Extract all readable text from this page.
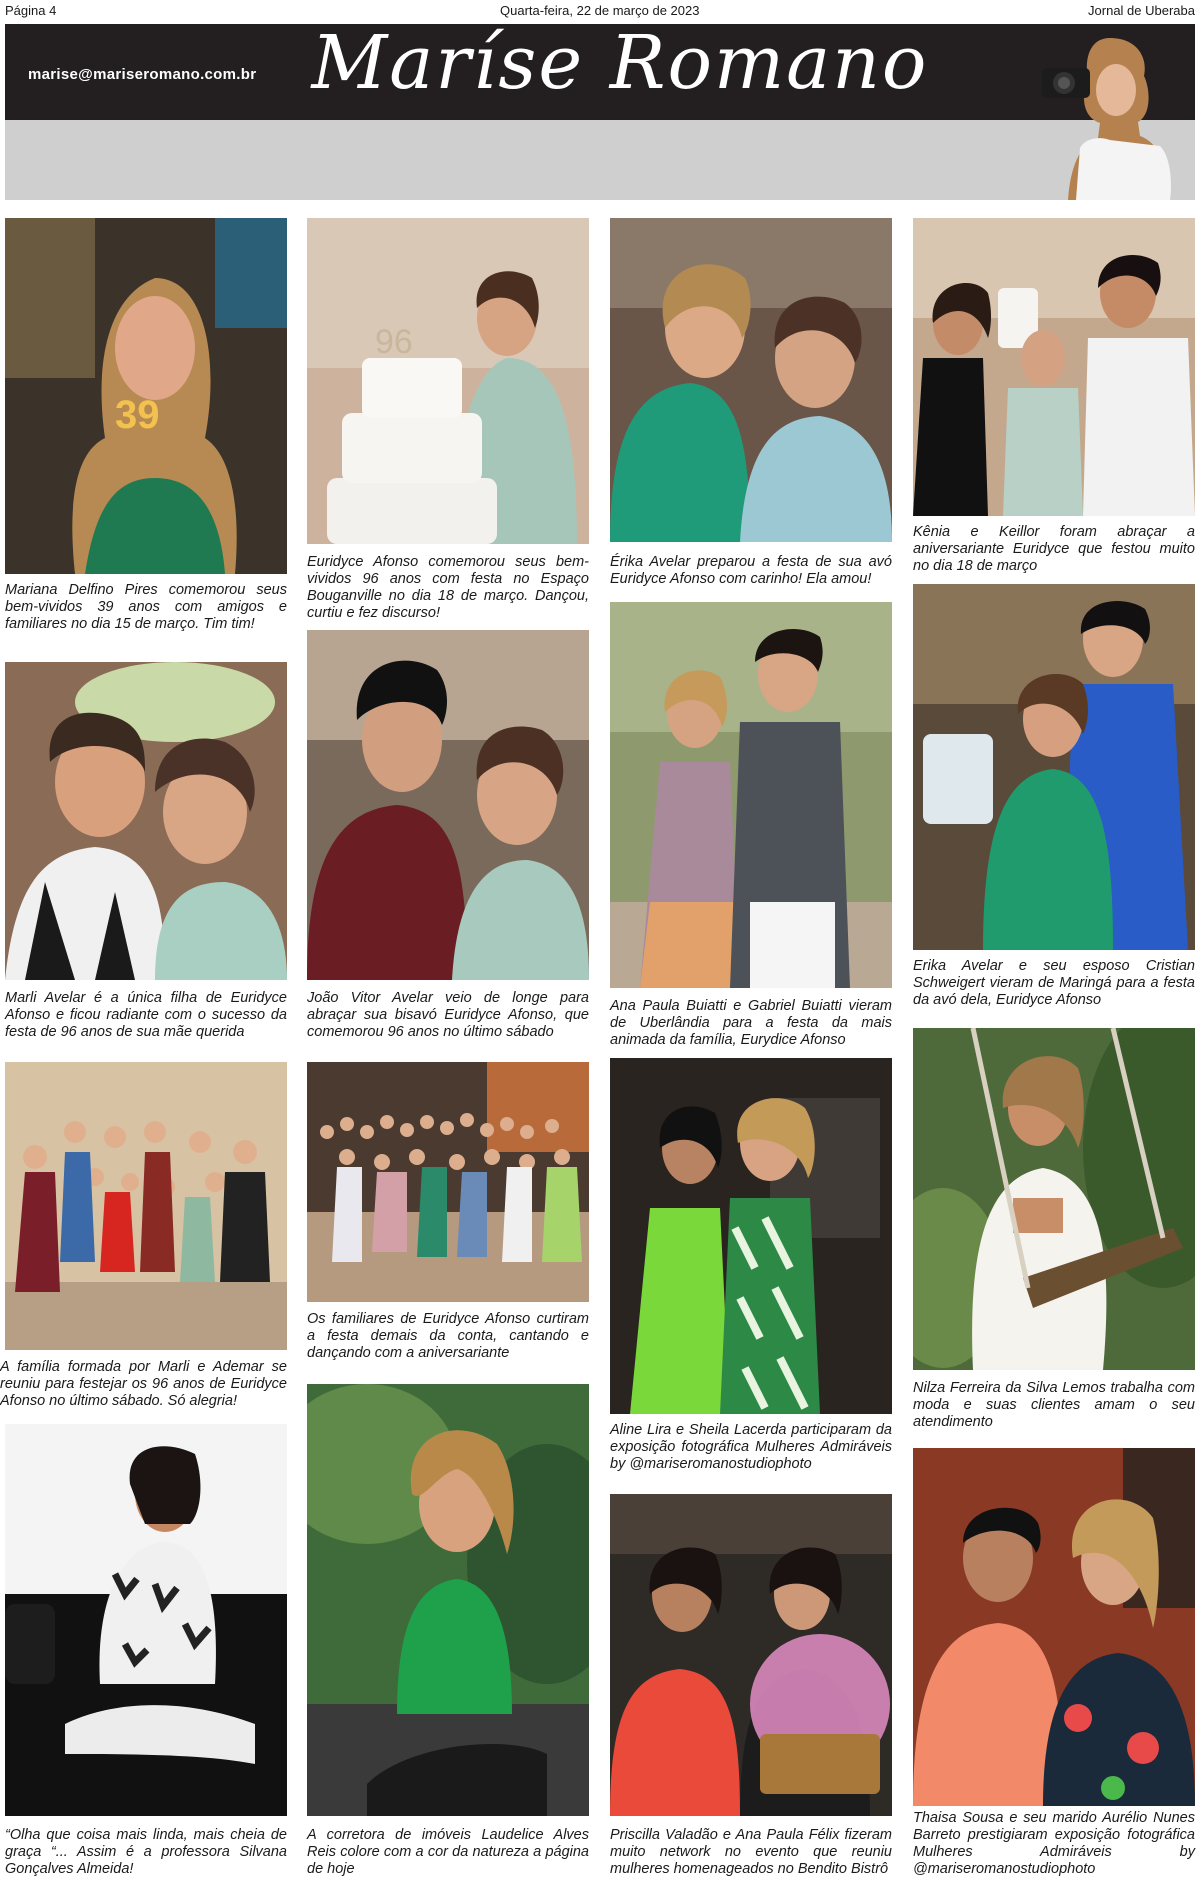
Página 4	Quarta-feira, 22 de março de 2023	Jornal de Uberaba
marise@mariseromano.com.br Maríse Romano
39
Mariana Delfino Pires comemorou seus bem-vividos 39 anos com amigos e familiares no dia 15 de março. Tim tim!
Marli Avelar é a única filha de Euridyce Afonso e ficou radiante com o sucesso da festa de 96 anos de sua mãe querida
A família formada por Marli e Ademar se reuniu para festejar os 96 anos de Euridyce Afonso no último sábado. Só alegria!
“Olha que coisa mais linda, mais cheia de graça “... Assim é a professora Silvana Gonçalves Almeida!
96
Euridyce Afonso comemorou seus bem-vividos 96 anos com festa no Espaço Bouganville no dia 18 de março. Dançou, curtiu e fez discurso!
João Vitor Avelar veio de longe para abraçar sua bisavó Euridyce Afonso, que comemorou 96 anos no último sábado
Os familiares de Euridyce Afonso curtiram a festa demais da conta, cantando e dançando com a aniversariante
A corretora de imóveis Laudelice Alves Reis colore com a cor da natureza a página de hoje
Érika Avelar preparou a festa de sua avó Euridyce Afonso com carinho! Ela amou!
Ana Paula Buiatti e Gabriel Buiatti vieram de Uberlândia para a festa da mais animada da família, Eurydice Afonso
Aline Lira e Sheila Lacerda participaram da exposição fotográfica Mulheres Admiráveis by @mariseromanostudiophoto
Priscilla Valadão e Ana Paula Félix fizeram muito network no evento que reuniu mulheres homenageados no Bendito Bistrô
Kênia e Keillor foram abraçar a aniversariante Euridyce que festou muito no dia 18 de março
Erika Avelar e seu esposo Cristian Schweigert vieram de Maringá para a festa da avó dela, Euridyce Afonso
Nilza Ferreira da Silva Lemos trabalha com moda e suas clientes amam o seu atendimento
Thaisa Sousa e seu marido Aurélio Nunes Barreto prestigiaram exposição fotográfica Mulheres Admiráveis by @mariseromanostudiophoto
